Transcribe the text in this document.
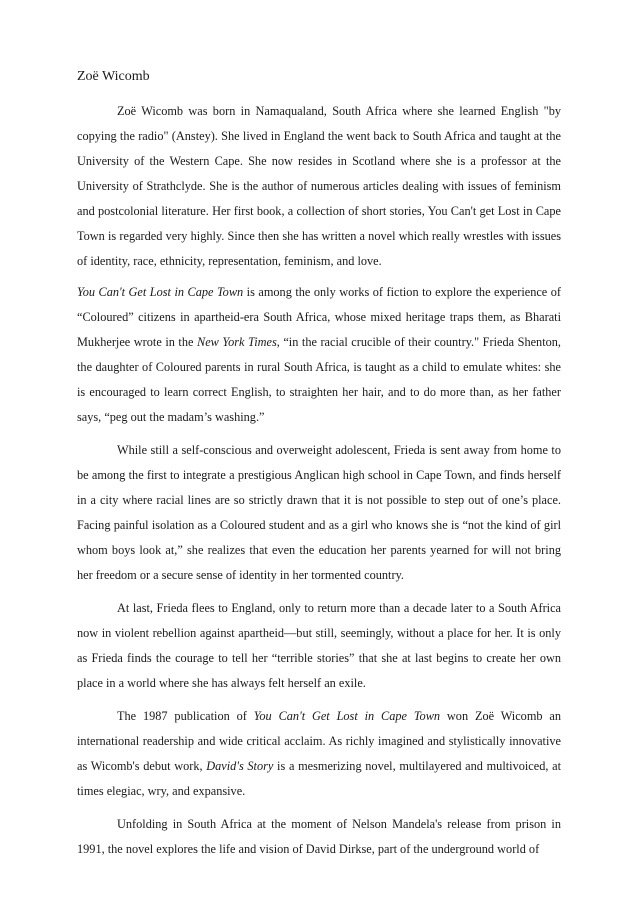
Zoë Wicomb

Zoë Wicomb was born in Namaqualand, South Africa where she learned English "by copying the radio" (Anstey). She lived in England the went back to South Africa and taught at the University of the Western Cape. She now resides in Scotland where she is a professor at the University of Strathclyde. She is the author of numerous articles dealing with issues of feminism and postcolonial literature. Her first book, a collection of short stories, You Can't get Lost in Cape Town is regarded very highly. Since then she has written a novel which really wrestles with issues of identity, race, ethnicity, representation, feminism, and love.

You Can't Get Lost in Cape Town is among the only works of fiction to explore the experience of “Coloured” citizens in apartheid-era South Africa, whose mixed heritage traps them, as Bharati Mukherjee wrote in the New York Times, “in the racial crucible of their country." Frieda Shenton, the daughter of Coloured parents in rural South Africa, is taught as a child to emulate whites: she is encouraged to learn correct English, to straighten her hair, and to do more than, as her father says, “peg out the madam’s washing.”

While still a self-conscious and overweight adolescent, Frieda is sent away from home to be among the first to integrate a prestigious Anglican high school in Cape Town, and finds herself in a city where racial lines are so strictly drawn that it is not possible to step out of one’s place. Facing painful isolation as a Coloured student and as a girl who knows she is “not the kind of girl whom boys look at,” she realizes that even the education her parents yearned for will not bring her freedom or a secure sense of identity in her tormented country.

At last, Frieda flees to England, only to return more than a decade later to a South Africa now in violent rebellion against apartheid—but still, seemingly, without a place for her. It is only as Frieda finds the courage to tell her “terrible stories” that she at last begins to create her own place in a world where she has always felt herself an exile.

The 1987 publication of You Can't Get Lost in Cape Town won Zoë Wicomb an international readership and wide critical acclaim. As richly imagined and stylistically innovative as Wicomb's debut work, David's Story is a mesmerizing novel, multilayered and multivoiced, at times elegiac, wry, and expansive.

Unfolding in South Africa at the moment of Nelson Mandela's release from prison in 1991, the novel explores the life and vision of David Dirkse, part of the underground world of
